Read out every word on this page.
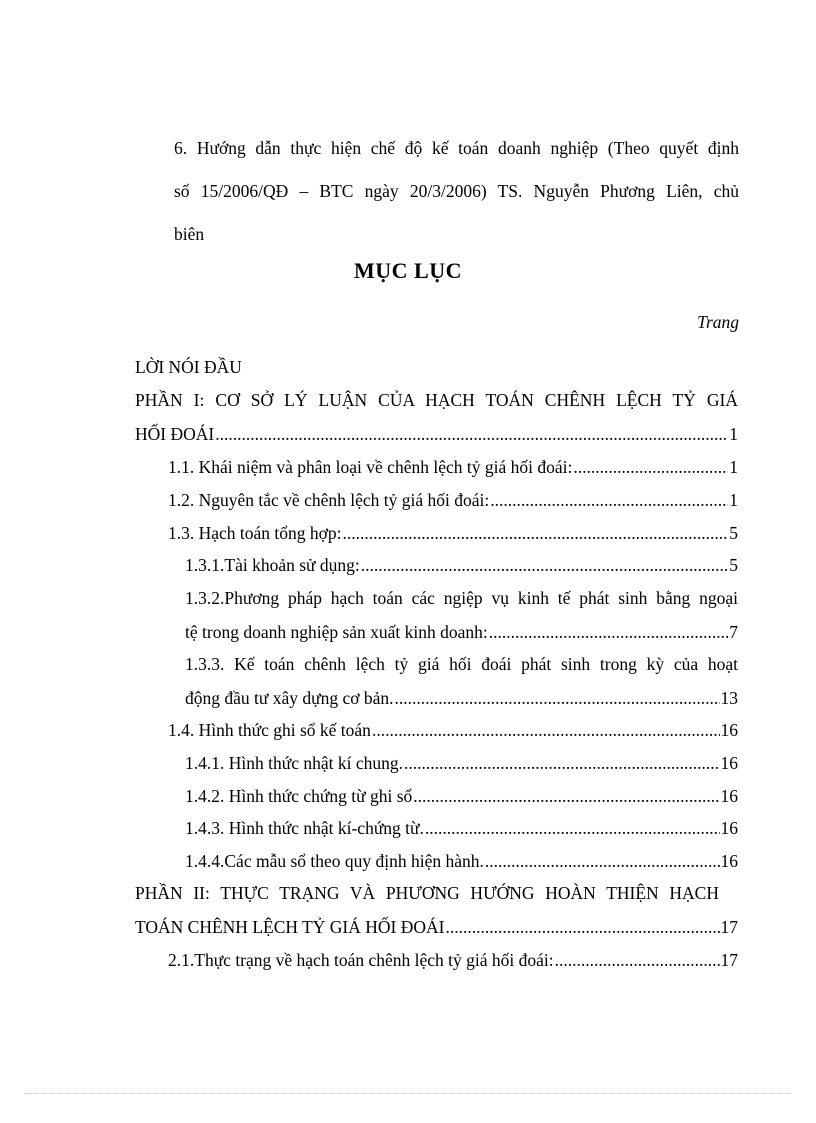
6. Hướng dẫn thực hiện chế độ kế toán doanh nghiệp (Theo quyết định
số 15/2006/QĐ – BTC ngày 20/3/2006) TS. Nguyễn Phương Liên, chủ
biên
MỤC LỤC
Trang
LỜI NÓI ĐẦU
PHẦN I: CƠ SỞ LÝ LUẬN CỦA HẠCH TOÁN CHÊNH LỆCH TỶ GIÁ
HỐI ĐOÁI .....	1
1.1. Khái niệm và phân loại về chênh lệch tỷ giá hối đoái: .....	1
1.2. Nguyên tắc về chênh lệch tỷ giá hối đoái: .....	1
1.3. Hạch toán tổng hợp: .....	5
1.3.1.Tài khoản sử dụng: .....	5
1.3.2.Phương pháp hạch toán các ngiệp vụ kinh tế phát sinh bằng ngoại
tệ trong doanh nghiệp sản xuất kinh doanh: .....	7
1.3.3. Kế toán chênh lệch tỷ giá hối đoái phát sinh trong kỳ của hoạt
động đầu tư xây dựng cơ bản. .....	13
1.4. Hình thức ghi sổ kế toán .....	16
1.4.1. Hình thức nhật kí chung. .....	16
1.4.2. Hình thức chứng từ ghi sổ .....	16
1.4.3. Hình thức nhật kí-chứng từ. .....	16
1.4.4.Các mẫu sổ theo quy định hiện hành. .....	16
PHẦN II: THỰC TRẠNG VÀ PHƯƠNG HƯỚNG HOÀN THIỆN HẠCH
TOÁN CHÊNH LỆCH TỶ GIÁ HỐI ĐOÁI .....	17
2.1.Thực trạng về hạch toán chênh lệch tỷ giá hối đoái: .....	17
